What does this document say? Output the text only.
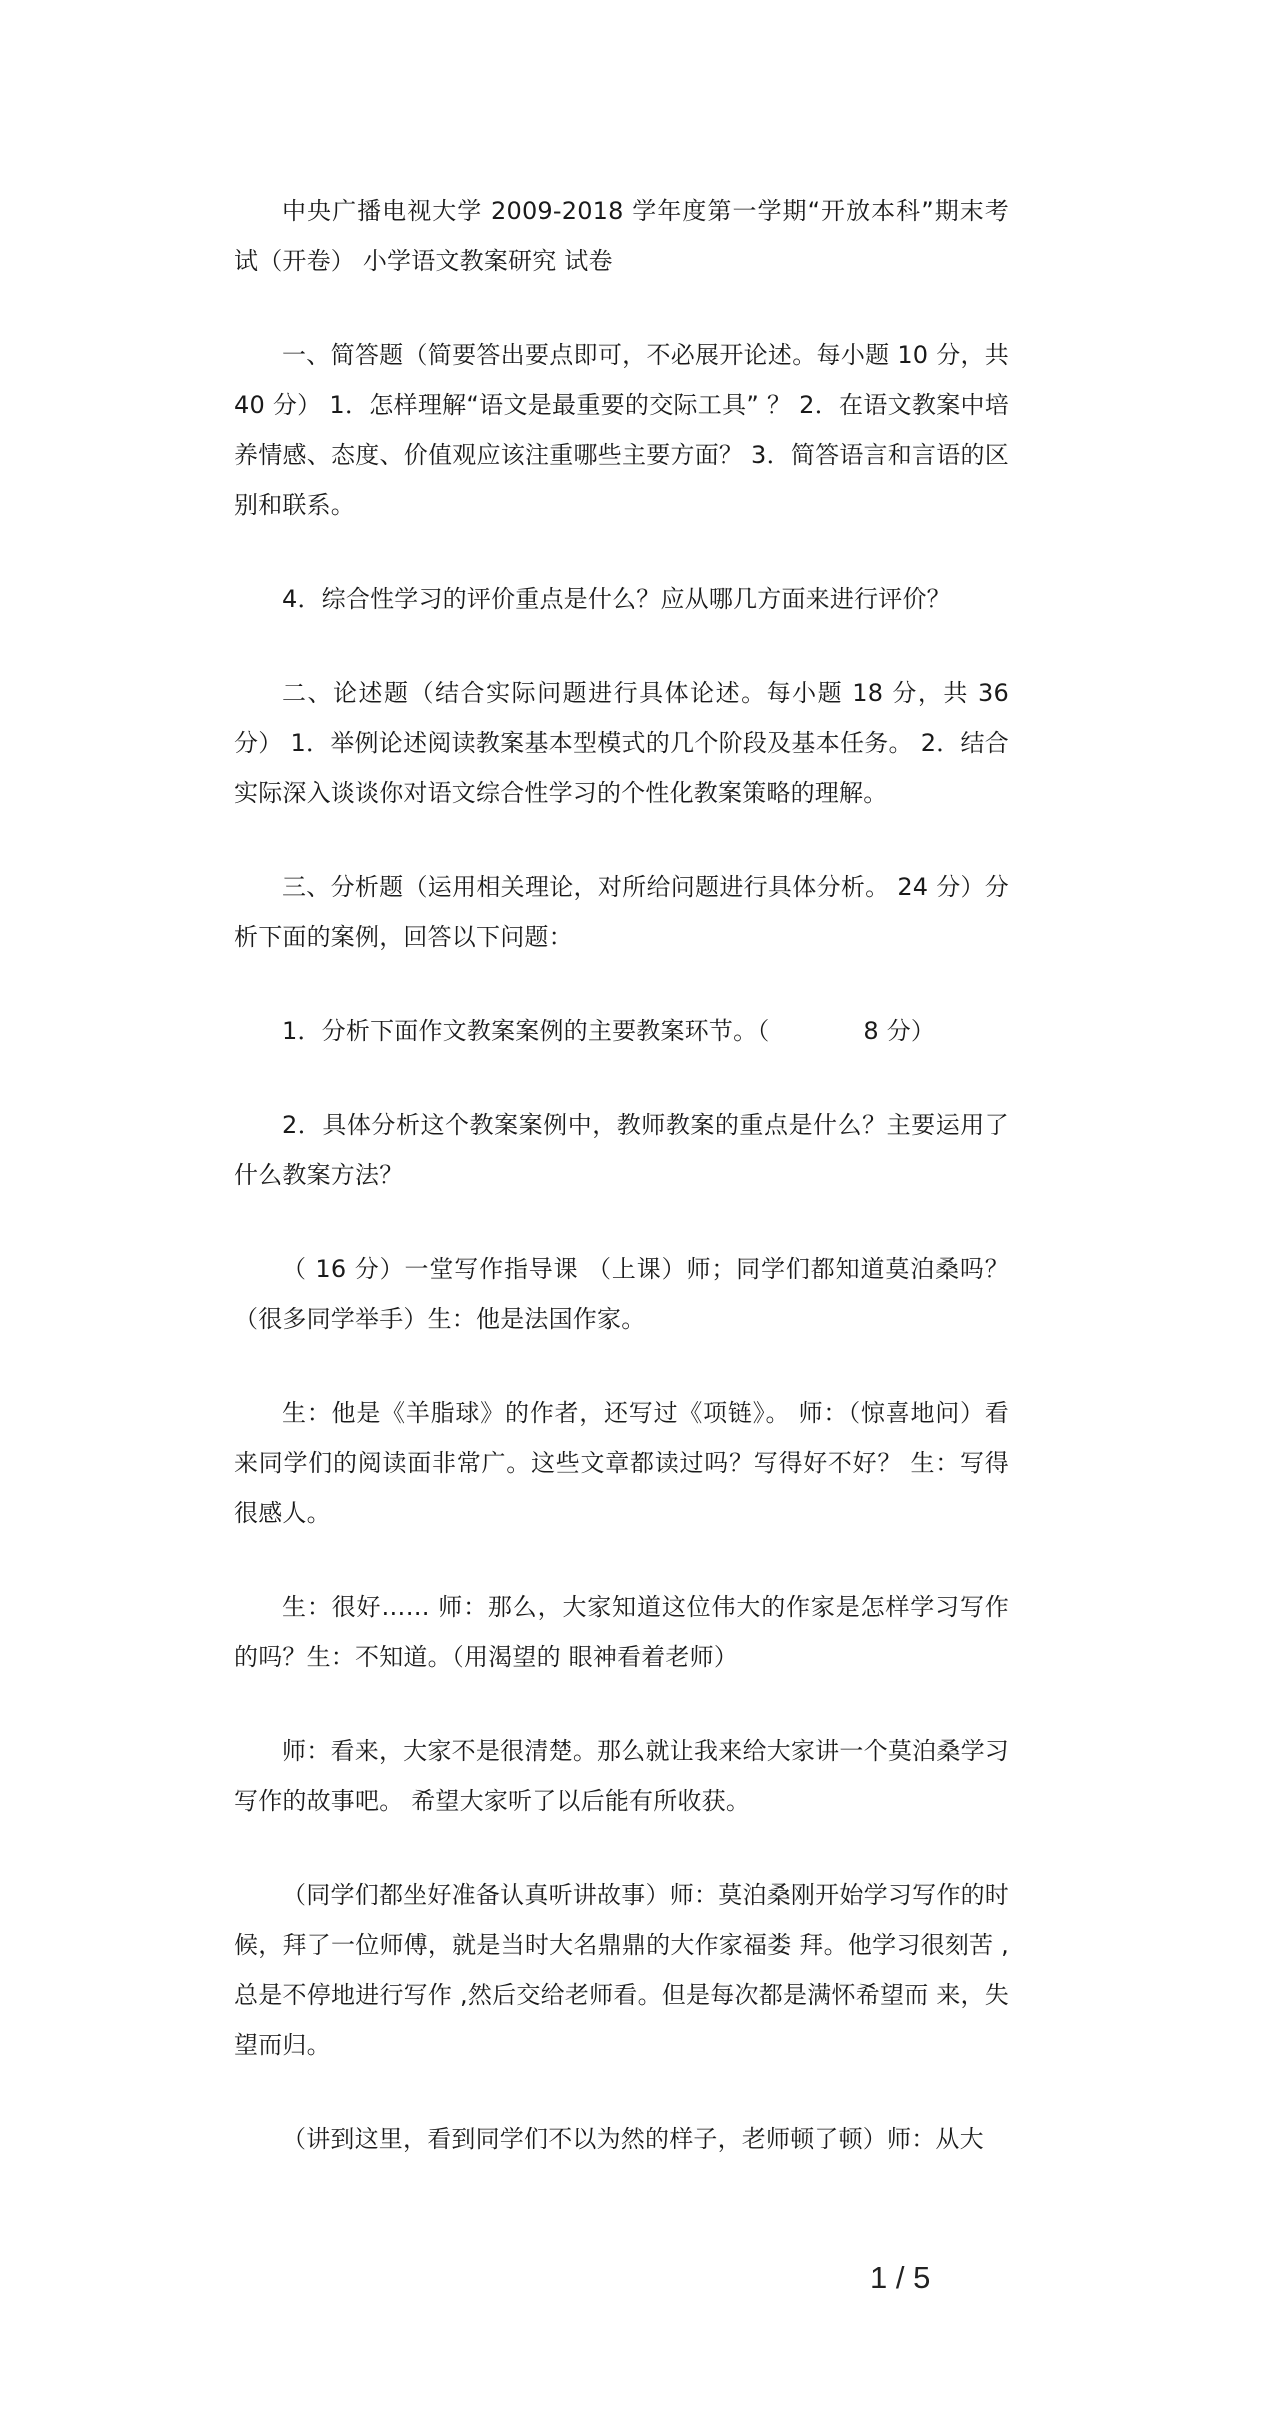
中央广播电视大学 2009-2018 学年度第一学期“开放本科”期末考试（开卷） 小学语文教案研究 试卷

一、简答题（简要答出要点即可，不必展开论述。每小题 10 分，共 40 分） 1．怎样理解“语文是最重要的交际工具” ？ 2．在语文教案中培养情感、态度、价值观应该注重哪些主要方面？ 3．简答语言和言语的区别和联系。

4．综合性学习的评价重点是什么？应从哪几方面来进行评价？

二、论述题（结合实际问题进行具体论述。每小题 18 分，共 36 分） 1．举例论述阅读教案基本型模式的几个阶段及基本任务。 2．结合实际深入谈谈你对语文综合性学习的个性化教案策略的理解。

三、分析题（运用相关理论，对所给问题进行具体分析。 24 分）分析下面的案例，回答以下问题：

1．分析下面作文教案案例的主要教案环节。（            8 分）

2．具体分析这个教案案例中，教师教案的重点是什么？主要运用了什么教案方法？

（ 16 分）一堂写作指导课 （上课）师；同学们都知道莫泊桑吗？（很多同学举手）生：他是法国作家。

生：他是《羊脂球》的作者，还写过《项链》。 师：（惊喜地问）看来同学们的阅读面非常广。这些文章都读过吗？写得好不好？ 生：写得很感人。

生：很好…… 师：那么，大家知道这位伟大的作家是怎样学习写作的吗？生：不知道。（用渴望的 眼神看着老师）

师：看来，大家不是很清楚。那么就让我来给大家讲一个莫泊桑学习写作的故事吧。 希望大家听了以后能有所收获。

（同学们都坐好准备认真听讲故事）师：莫泊桑刚开始学习写作的时候，拜了一位师傅，就是当时大名鼎鼎的大作家福娄 拜。他学习很刻苦 ,总是不停地进行写作 ,然后交给老师看。但是每次都是满怀希望而 来，失望而归。

（讲到这里，看到同学们不以为然的样子，老师顿了顿）师：从大

1 / 5
